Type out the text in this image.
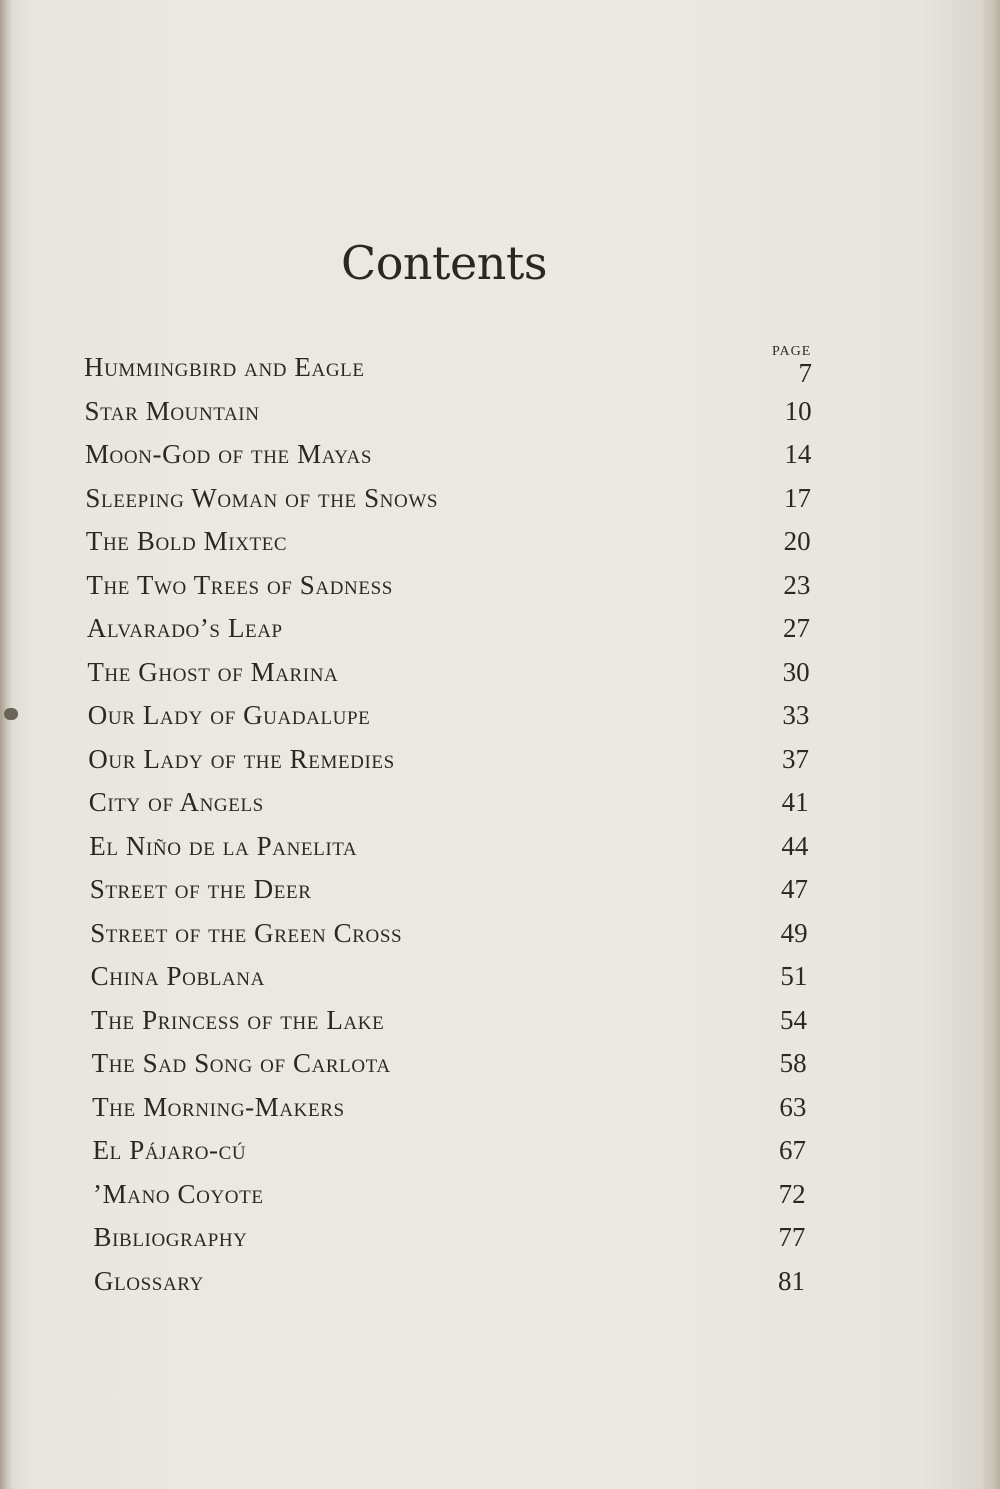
Contents
PAGE
Hummingbird and Eagle	7
Star Mountain	10
Moon-God of the Mayas	14
Sleeping Woman of the Snows	17
The Bold Mixtec	20
The Two Trees of Sadness	23
Alvarado’s Leap	27
The Ghost of Marina	30
Our Lady of Guadalupe	33
Our Lady of the Remedies	37
City of Angels	41
El Niño de la Panelita	44
Street of the Deer	47
Street of the Green Cross	49
China Poblana	51
The Princess of the Lake	54
The Sad Song of Carlota	58
The Morning-Makers	63
El Pájaro-cú	67
’Mano Coyote	72
Bibliography	77
Glossary	81
